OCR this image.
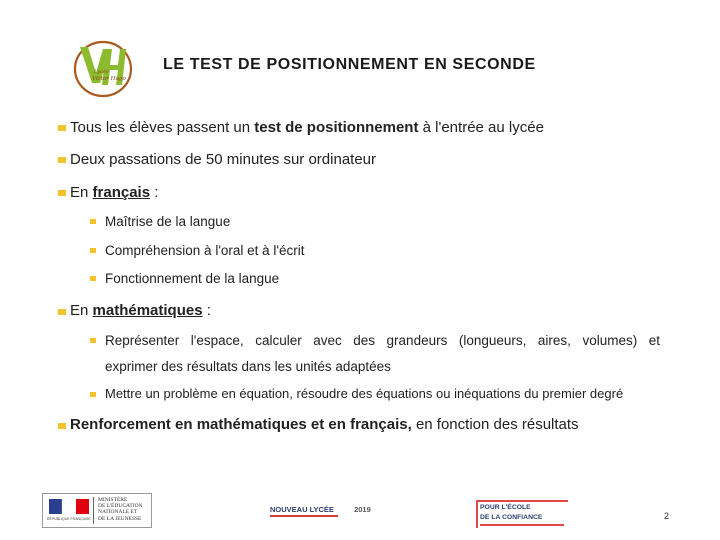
Lycée
Victor Hugo
LE TEST DE POSITIONNEMENT EN SECONDE
Tous les élèves passent un test de positionnement à l'entrée au lycée
Deux passations de 50 minutes sur ordinateur
En français :
Maîtrise de la langue
Compréhension à l'oral et à l'écrit
Fonctionnement de la langue
En mathématiques :
Représenter l'espace, calculer avec des grandeurs (longueurs, aires, volumes) et
exprimer des résultats dans les unités adaptées
Mettre un problème en équation, résoudre des équations ou inéquations du premier degré
Renforcement en mathématiques et en français, en fonction des résultats
RÉPUBLIQUE FRANÇAISE
MINISTÈRE
DE L'ÉDUCATION
NATIONALE ET
DE LA JEUNESSE
NOUVEAU LYCÉE	2019	POUR L'ÉCOLE
DE LA CONFIANCE	2
